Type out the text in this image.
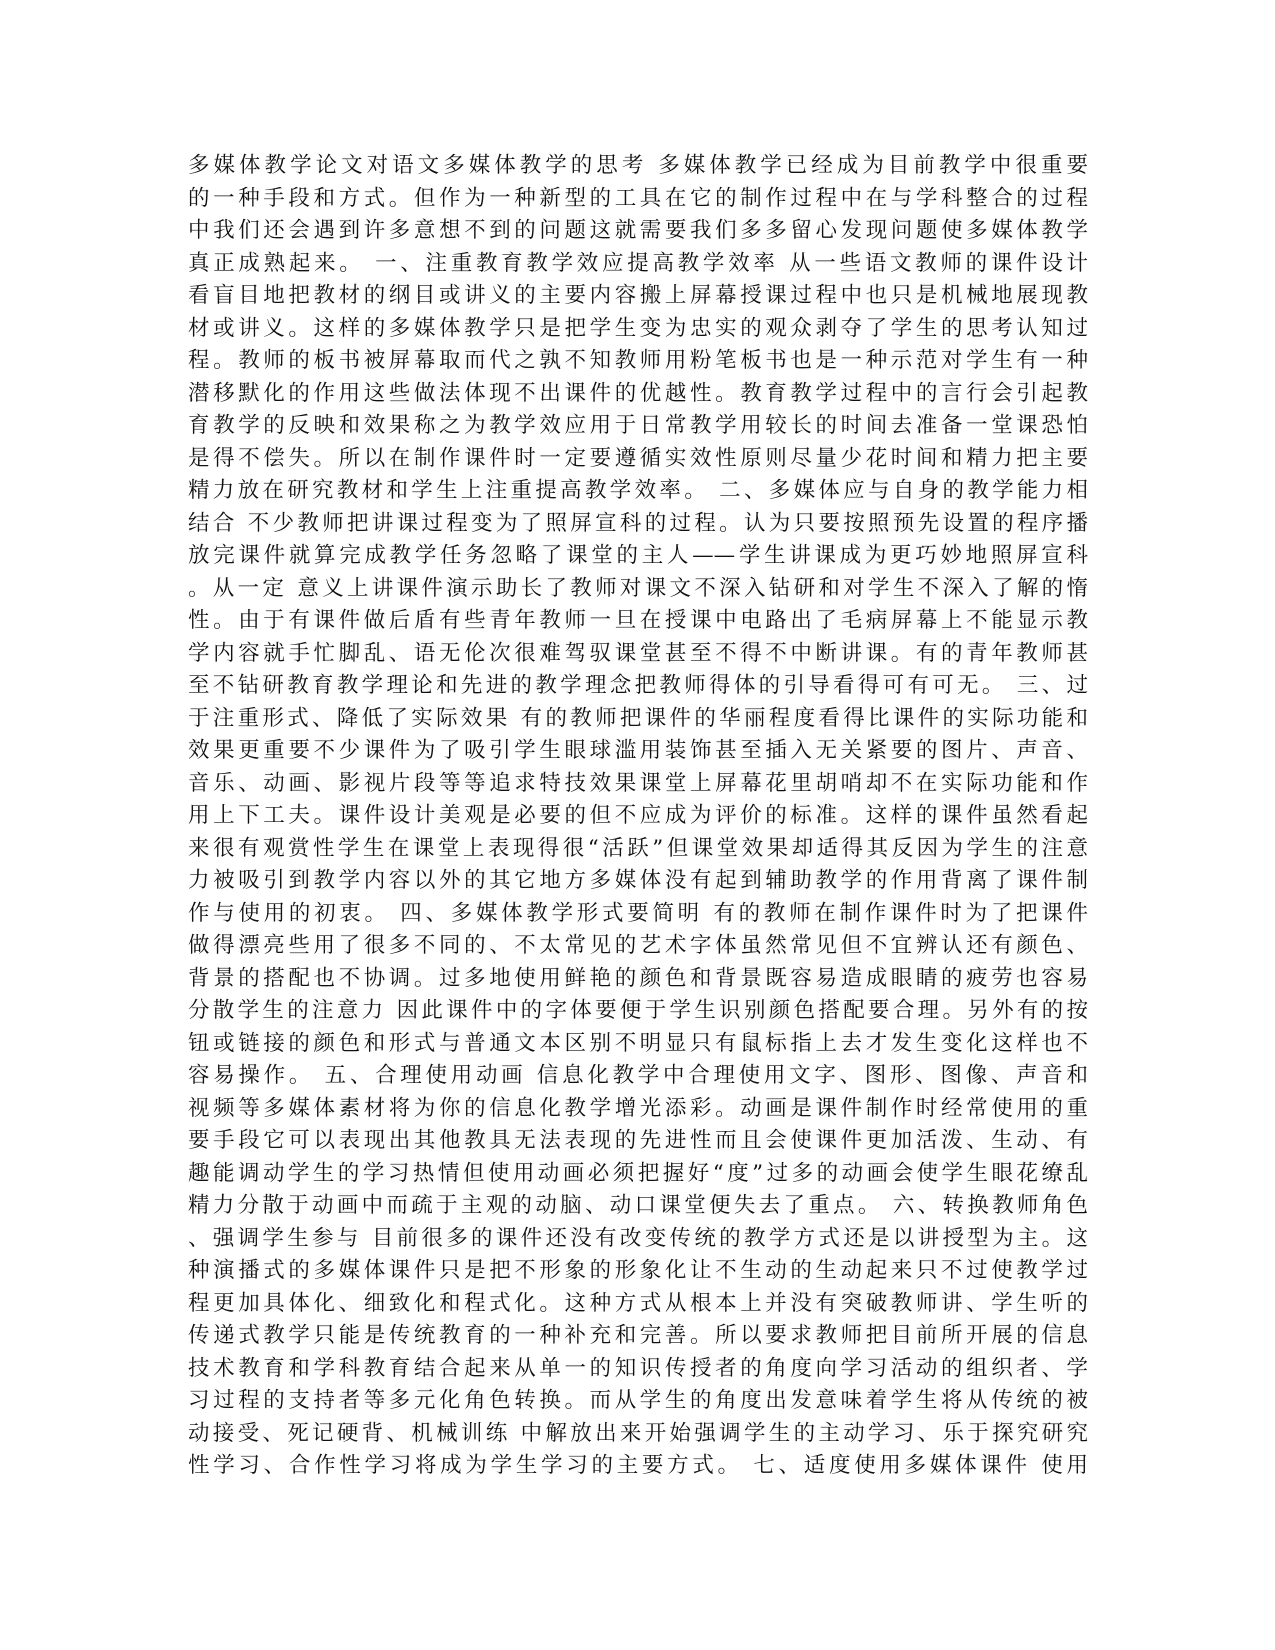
多媒体教学论文对语文多媒体教学的思考 多媒体教学已经成为目前教学中很重要
的一种手段和方式。但作为一种新型的工具在它的制作过程中在与学科整合的过程
中我们还会遇到许多意想不到的问题这就需要我们多多留心发现问题使多媒体教学
真正成熟起来。 一、注重教育教学效应提高教学效率 从一些语文教师的课件设计
看盲目地把教材的纲目或讲义的主要内容搬上屏幕授课过程中也只是机械地展现教
材或讲义。这样的多媒体教学只是把学生变为忠实的观众剥夺了学生的思考认知过
程。教师的板书被屏幕取而代之孰不知教师用粉笔板书也是一种示范对学生有一种
潜移默化的作用这些做法体现不出课件的优越性。教育教学过程中的言行会引起教
育教学的反映和效果称之为教学效应用于日常教学用较长的时间去准备一堂课恐怕
是得不偿失。所以在制作课件时一定要遵循实效性原则尽量少花时间和精力把主要
精力放在研究教材和学生上注重提高教学效率。 二、多媒体应与自身的教学能力相
结合 不少教师把讲课过程变为了照屏宣科的过程。认为只要按照预先设置的程序播
放完课件就算完成教学任务忽略了课堂的主人——学生讲课成为更巧妙地照屏宣科
。从一定 意义上讲课件演示助长了教师对课文不深入钻研和对学生不深入了解的惰
性。由于有课件做后盾有些青年教师一旦在授课中电路出了毛病屏幕上不能显示教
学内容就手忙脚乱、语无伦次很难驾驭课堂甚至不得不中断讲课。有的青年教师甚
至不钻研教育教学理论和先进的教学理念把教师得体的引导看得可有可无。 三、过
于注重形式、降低了实际效果 有的教师把课件的华丽程度看得比课件的实际功能和
效果更重要不少课件为了吸引学生眼球滥用装饰甚至插入无关紧要的图片、声音、
音乐、动画、影视片段等等追求特技效果课堂上屏幕花里胡哨却不在实际功能和作
用上下工夫。课件设计美观是必要的但不应成为评价的标准。这样的课件虽然看起
来很有观赏性学生在课堂上表现得很“活跃”但课堂效果却适得其反因为学生的注意
力被吸引到教学内容以外的其它地方多媒体没有起到辅助教学的作用背离了课件制
作与使用的初衷。 四、多媒体教学形式要简明 有的教师在制作课件时为了把课件
做得漂亮些用了很多不同的、不太常见的艺术字体虽然常见但不宜辨认还有颜色、
背景的搭配也不协调。过多地使用鲜艳的颜色和背景既容易造成眼睛的疲劳也容易
分散学生的注意力 因此课件中的字体要便于学生识别颜色搭配要合理。另外有的按
钮或链接的颜色和形式与普通文本区别不明显只有鼠标指上去才发生变化这样也不
容易操作。 五、合理使用动画 信息化教学中合理使用文字、图形、图像、声音和
视频等多媒体素材将为你的信息化教学增光添彩。动画是课件制作时经常使用的重
要手段它可以表现出其他教具无法表现的先进性而且会使课件更加活泼、生动、有
趣能调动学生的学习热情但使用动画必须把握好“度”过多的动画会使学生眼花缭乱
精力分散于动画中而疏于主观的动脑、动口课堂便失去了重点。 六、转换教师角色
、强调学生参与 目前很多的课件还没有改变传统的教学方式还是以讲授型为主。这
种演播式的多媒体课件只是把不形象的形象化让不生动的生动起来只不过使教学过
程更加具体化、细致化和程式化。这种方式从根本上并没有突破教师讲、学生听的
传递式教学只能是传统教育的一种补充和完善。所以要求教师把目前所开展的信息
技术教育和学科教育结合起来从单一的知识传授者的角度向学习活动的组织者、学
习过程的支持者等多元化角色转换。而从学生的角度出发意味着学生将从传统的被
动接受、死记硬背、机械训练 中解放出来开始强调学生的主动学习、乐于探究研究
性学习、合作性学习将成为学生学习的主要方式。 七、适度使用多媒体课件 使用
